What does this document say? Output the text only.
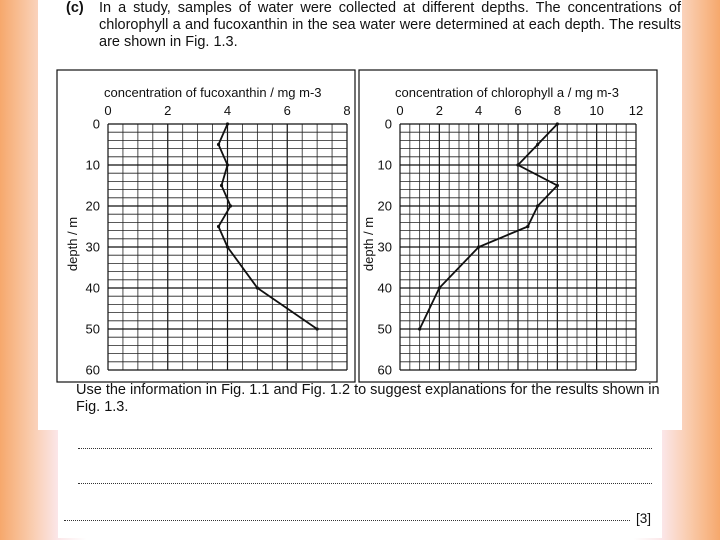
(c) In a study, samples of water were collected at different depths. The concentrations of chlorophyll a and fucoxanthin in the sea water were determined at each depth. The results are shown in Fig. 1.3.
concentration of fucoxanthin / mg m-3
0	2	4	6	8
0
10
20
30
40
50
60
depth / m
concentration of chlorophyll a / mg m-3
0 2 4 6 8 10 12
0
10
20
30
40
50
60
depth / m
Use the information in Fig. 1.1 and Fig. 1.2 to suggest explanations for the results shown in Fig. 1.3.
[3]
